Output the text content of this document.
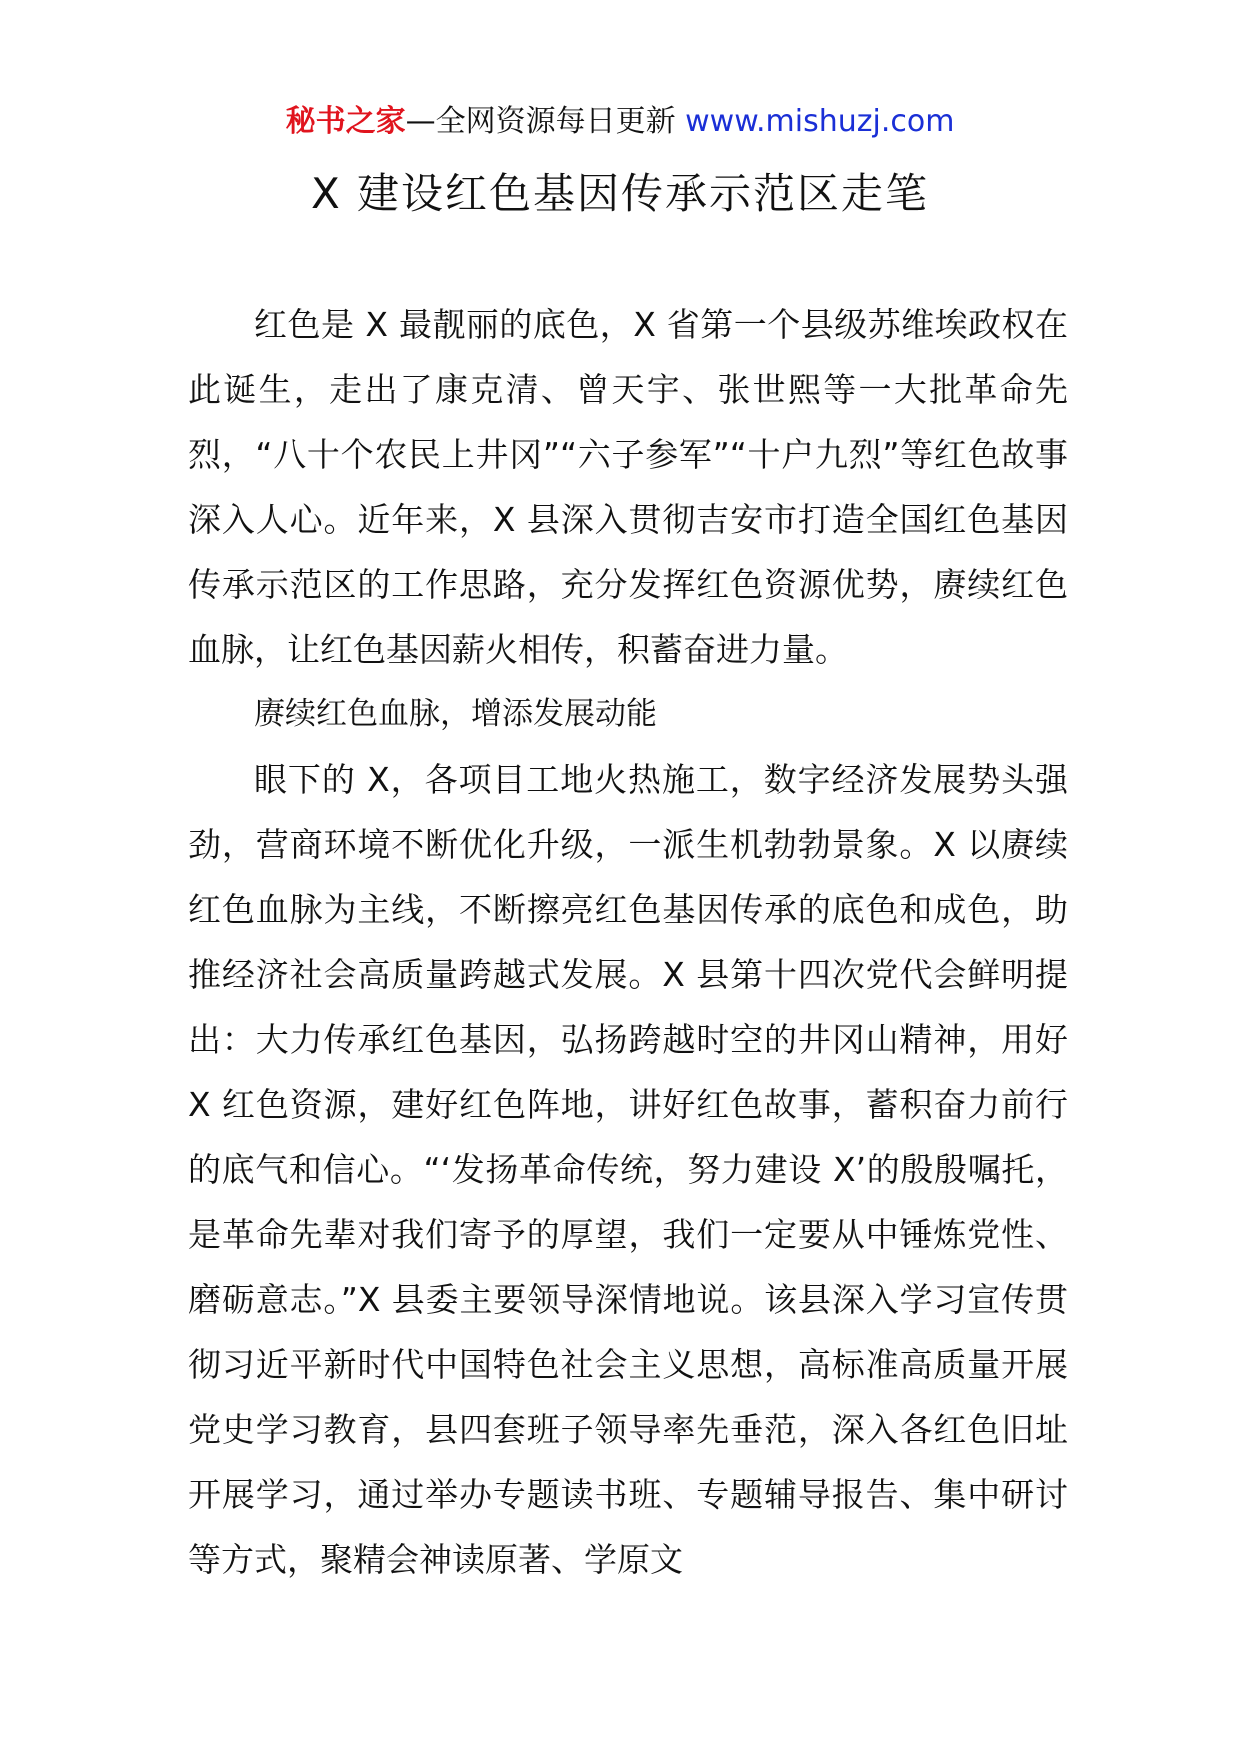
秘书之家—全网资源每日更新 www.mishuzj.com
X 建设红色基因传承示范区走笔

红色是 X 最靓丽的底色，X 省第一个县级苏维埃政权在此诞生，走出了康克清、曾天宇、张世熙等一大批革命先烈，“八十个农民上井冈”“六子参军”“十户九烈”等红色故事深入人心。近年来，X 县深入贯彻吉安市打造全国红色基因传承示范区的工作思路，充分发挥红色资源优势，赓续红色血脉，让红色基因薪火相传，积蓄奋进力量。

赓续红色血脉，增添发展动能

眼下的 X，各项目工地火热施工，数字经济发展势头强劲，营商环境不断优化升级，一派生机勃勃景象。X 以赓续红色血脉为主线，不断擦亮红色基因传承的底色和成色，助推经济社会高质量跨越式发展。X 县第十四次党代会鲜明提出：大力传承红色基因，弘扬跨越时空的井冈山精神，用好 X 红色资源，建好红色阵地，讲好红色故事，蓄积奋力前行的底气和信心。“‘发扬革命传统，努力建设 X’的殷殷嘱托，是革命先辈对我们寄予的厚望，我们一定要从中锤炼党性、磨砺意志。”X 县委主要领导深情地说。该县深入学习宣传贯彻习近平新时代中国特色社会主义思想，高标准高质量开展党史学习教育，县四套班子领导率先垂范，深入各红色旧址开展学习，通过举办专题读书班、专题辅导报告、集中研讨等方式，聚精会神读原著、学原文
